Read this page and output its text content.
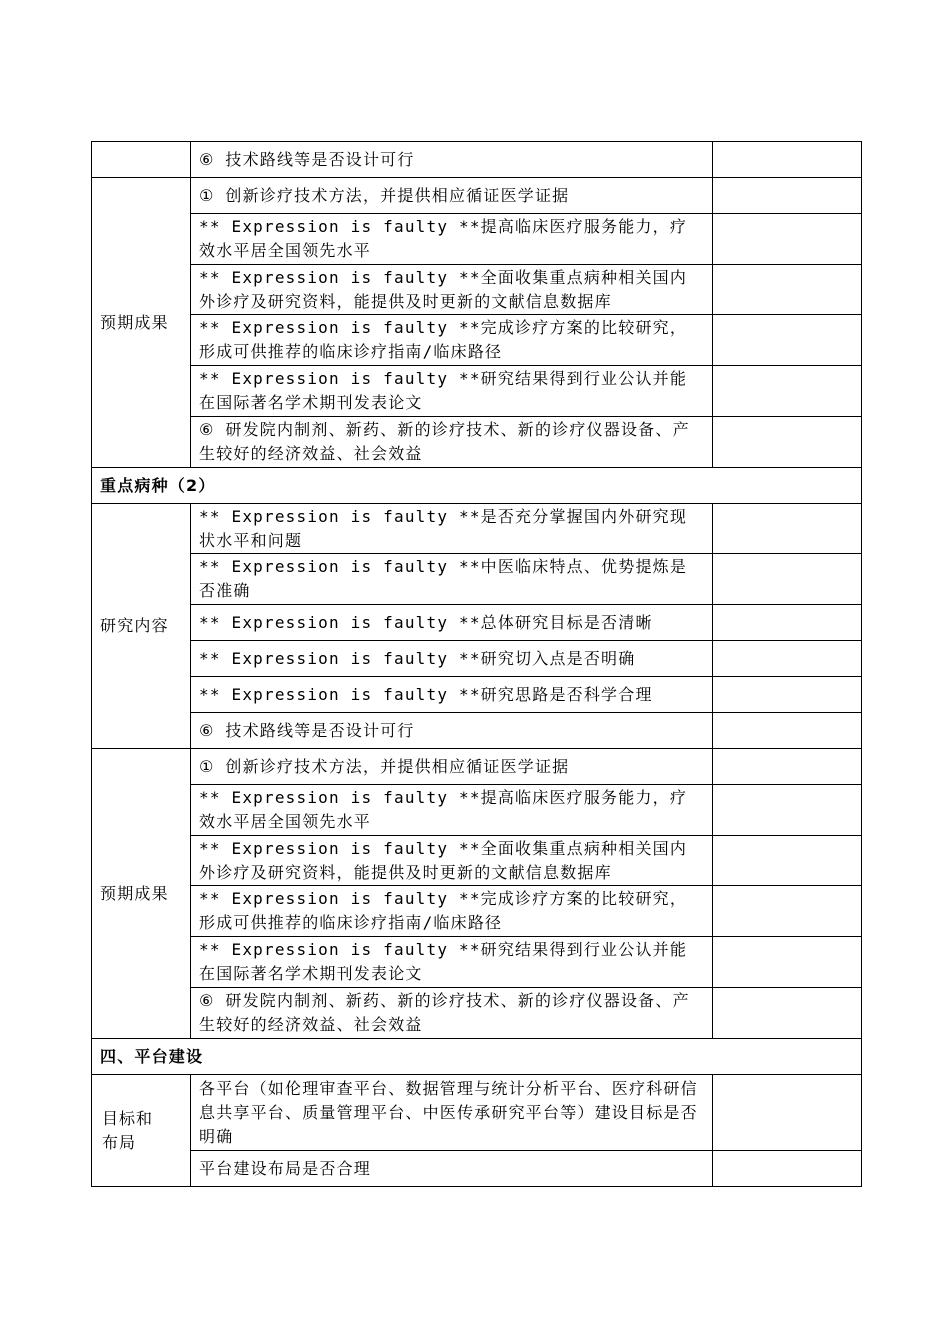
	⑥ 技术路线等是否设计可行	
预期成果	① 创新诊疗技术方法，并提供相应循证医学证据	
	** Expression is faulty **提高临床医疗服务能力，疗效水平居全国领先水平	
	** Expression is faulty **全面收集重点病种相关国内外诊疗及研究资料，能提供及时更新的文献信息数据库	
	** Expression is faulty **完成诊疗方案的比较研究，形成可供推荐的临床诊疗指南/临床路径	
	** Expression is faulty **研究结果得到行业公认并能在国际著名学术期刊发表论文	
	⑥ 研发院内制剂、新药、新的诊疗技术、新的诊疗仪器设备、产生较好的经济效益、社会效益	
重点病种（2）		
研究内容	** Expression is faulty **是否充分掌握国内外研究现状水平和问题	
	** Expression is faulty **中医临床特点、优势提炼是否准确	
	** Expression is faulty **总体研究目标是否清晰	
	** Expression is faulty **研究切入点是否明确	
	** Expression is faulty **研究思路是否科学合理	
	⑥ 技术路线等是否设计可行	
预期成果	① 创新诊疗技术方法，并提供相应循证医学证据	
	** Expression is faulty **提高临床医疗服务能力，疗效水平居全国领先水平	
	** Expression is faulty **全面收集重点病种相关国内外诊疗及研究资料，能提供及时更新的文献信息数据库	
	** Expression is faulty **完成诊疗方案的比较研究，形成可供推荐的临床诊疗指南/临床路径	
	** Expression is faulty **研究结果得到行业公认并能在国际著名学术期刊发表论文	
	⑥ 研发院内制剂、新药、新的诊疗技术、新的诊疗仪器设备、产生较好的经济效益、社会效益	
四、平台建设		
目标和布局	各平台（如伦理审查平台、数据管理与统计分析平台、医疗科研信息共享平台、质量管理平台、中医传承研究平台等）建设目标是否明确	
	平台建设布局是否合理	
